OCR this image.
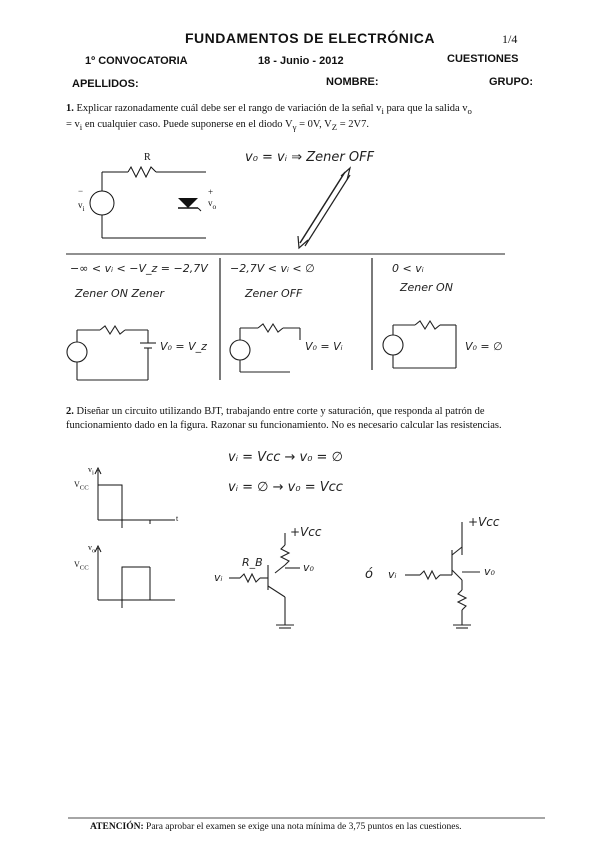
FUNDAMENTOS DE ELECTRÓNICA	1/4
1º CONVOCATORIA	18 - Junio - 2012	CUESTIONES
APELLIDOS:	NOMBRE:	GRUPO:
1. Explicar razonadamente cuál debe ser el rango de variación de la señal $v_i$ para que la salida $v_o$
= $v_i$ en cualquier caso. Puede suponerse en el diodo $V_\gamma = 0V$, $V_Z = 2V7$.
R
−
$v_i$
+
$v_o$
v₀ = vᵢ ⇒ Zener OFF
−∞ < vᵢ < −V_z = −2,7V
Zener ON Zener
V₀ = V_z
−2,7V < vᵢ < ∅
Zener OFF
V₀ = Vᵢ
0 < vᵢ
Zener ON
V₀ = ∅
2. Diseñar un circuito utilizando BJT, trabajando entre corte y saturación, que responda al patrón de funcionamiento dado en la figura. Razonar su funcionamiento. No es necesario calcular las resistencias.
$v_i$
$V_{CC}$
t
$v_o$
$V_{CC}$
vᵢ = Vcc → v₀ = ∅
vᵢ = ∅ → v₀ = Vcc
+Vcc
R_B
vᵢ
v₀	ó
+Vcc
vᵢ	v₀
ATENCIÓN: Para aprobar el examen se exige una nota mínima de 3,75 puntos en las cuestiones.
